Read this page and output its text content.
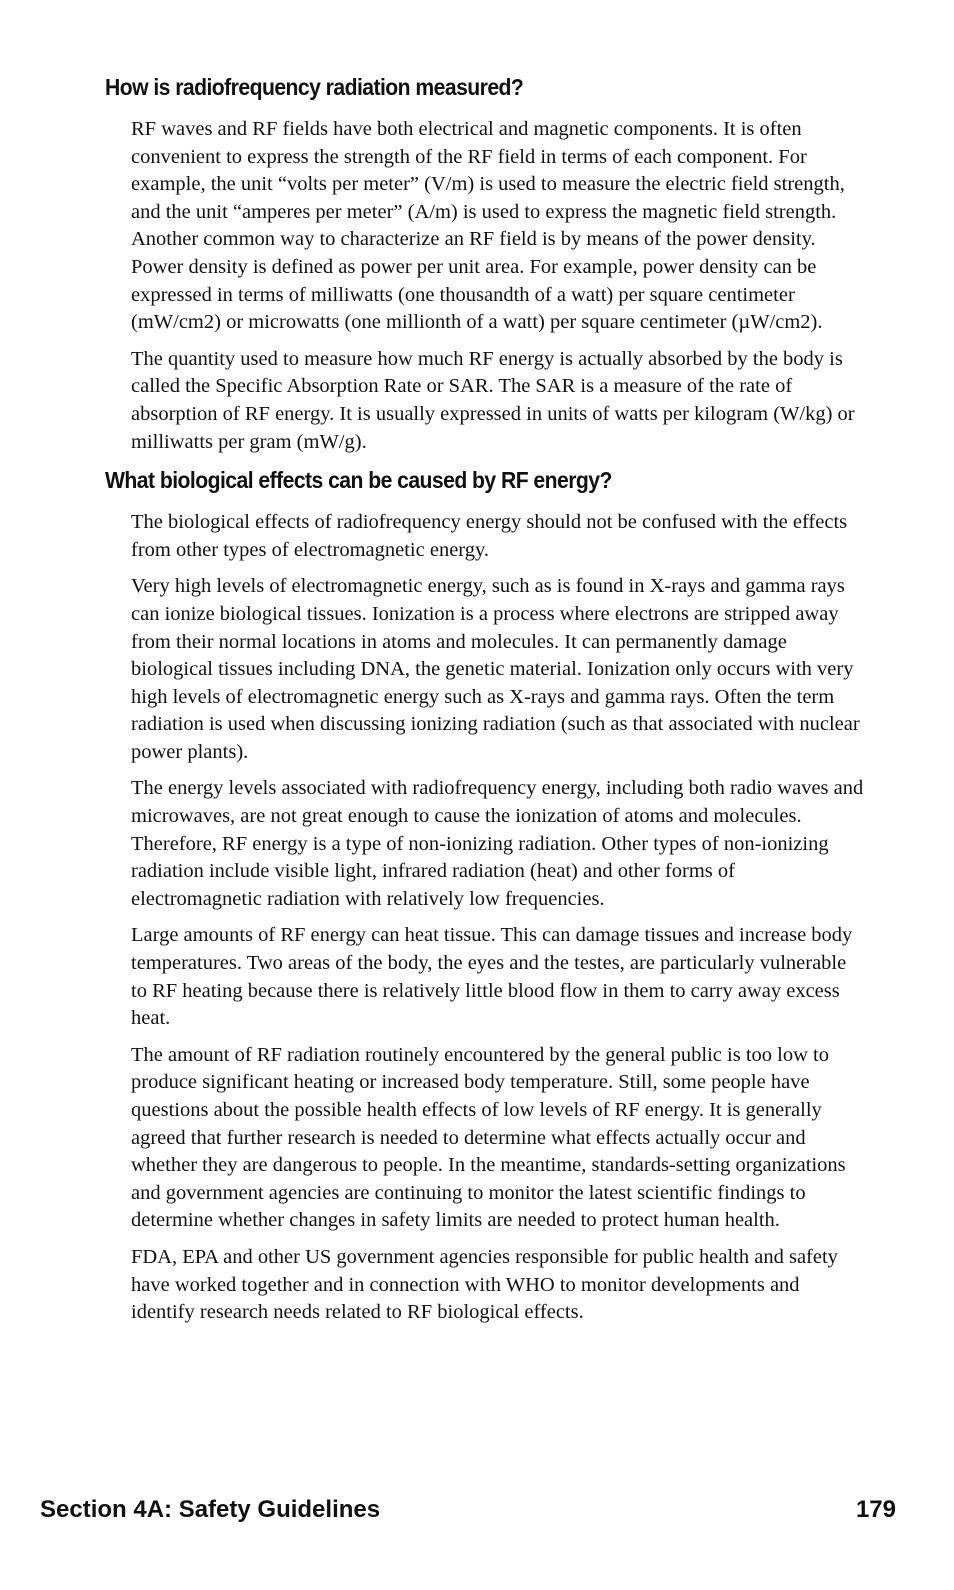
How is radiofrequency radiation measured?

RF waves and RF fields have both electrical and magnetic components. It is often convenient to express the strength of the RF field in terms of each component. For example, the unit “volts per meter” (V/m) is used to measure the electric field strength, and the unit “amperes per meter” (A/m) is used to express the magnetic field strength. Another common way to characterize an RF field is by means of the power density. Power density is defined as power per unit area. For example, power density can be expressed in terms of milliwatts (one thousandth of a watt) per square centimeter (mW/cm2) or microwatts (one millionth of a watt) per square centimeter (µW/cm2).

The quantity used to measure how much RF energy is actually absorbed by the body is called the Specific Absorption Rate or SAR. The SAR is a measure of the rate of absorption of RF energy. It is usually expressed in units of watts per kilogram (W/kg) or milliwatts per gram (mW/g).

What biological effects can be caused by RF energy?

The biological effects of radiofrequency energy should not be confused with the effects from other types of electromagnetic energy.

Very high levels of electromagnetic energy, such as is found in X-rays and gamma rays can ionize biological tissues. Ionization is a process where electrons are stripped away from their normal locations in atoms and molecules. It can permanently damage biological tissues including DNA, the genetic material. Ionization only occurs with very high levels of electromagnetic energy such as X-rays and gamma rays. Often the term radiation is used when discussing ionizing radiation (such as that associated with nuclear power plants).

The energy levels associated with radiofrequency energy, including both radio waves and microwaves, are not great enough to cause the ionization of atoms and molecules. Therefore, RF energy is a type of non-ionizing radiation. Other types of non-ionizing radiation include visible light, infrared radiation (heat) and other forms of electromagnetic radiation with relatively low frequencies.

Large amounts of RF energy can heat tissue. This can damage tissues and increase body temperatures. Two areas of the body, the eyes and the testes, are particularly vulnerable to RF heating because there is relatively little blood flow in them to carry away excess heat.

The amount of RF radiation routinely encountered by the general public is too low to produce significant heating or increased body temperature. Still, some people have questions about the possible health effects of low levels of RF energy. It is generally agreed that further research is needed to determine what effects actually occur and whether they are dangerous to people. In the meantime, standards-setting organizations and government agencies are continuing to monitor the latest scientific findings to determine whether changes in safety limits are needed to protect human health.

FDA, EPA and other US government agencies responsible for public health and safety have worked together and in connection with WHO to monitor developments and identify research needs related to RF biological effects.

Section 4A: Safety Guidelines	179
